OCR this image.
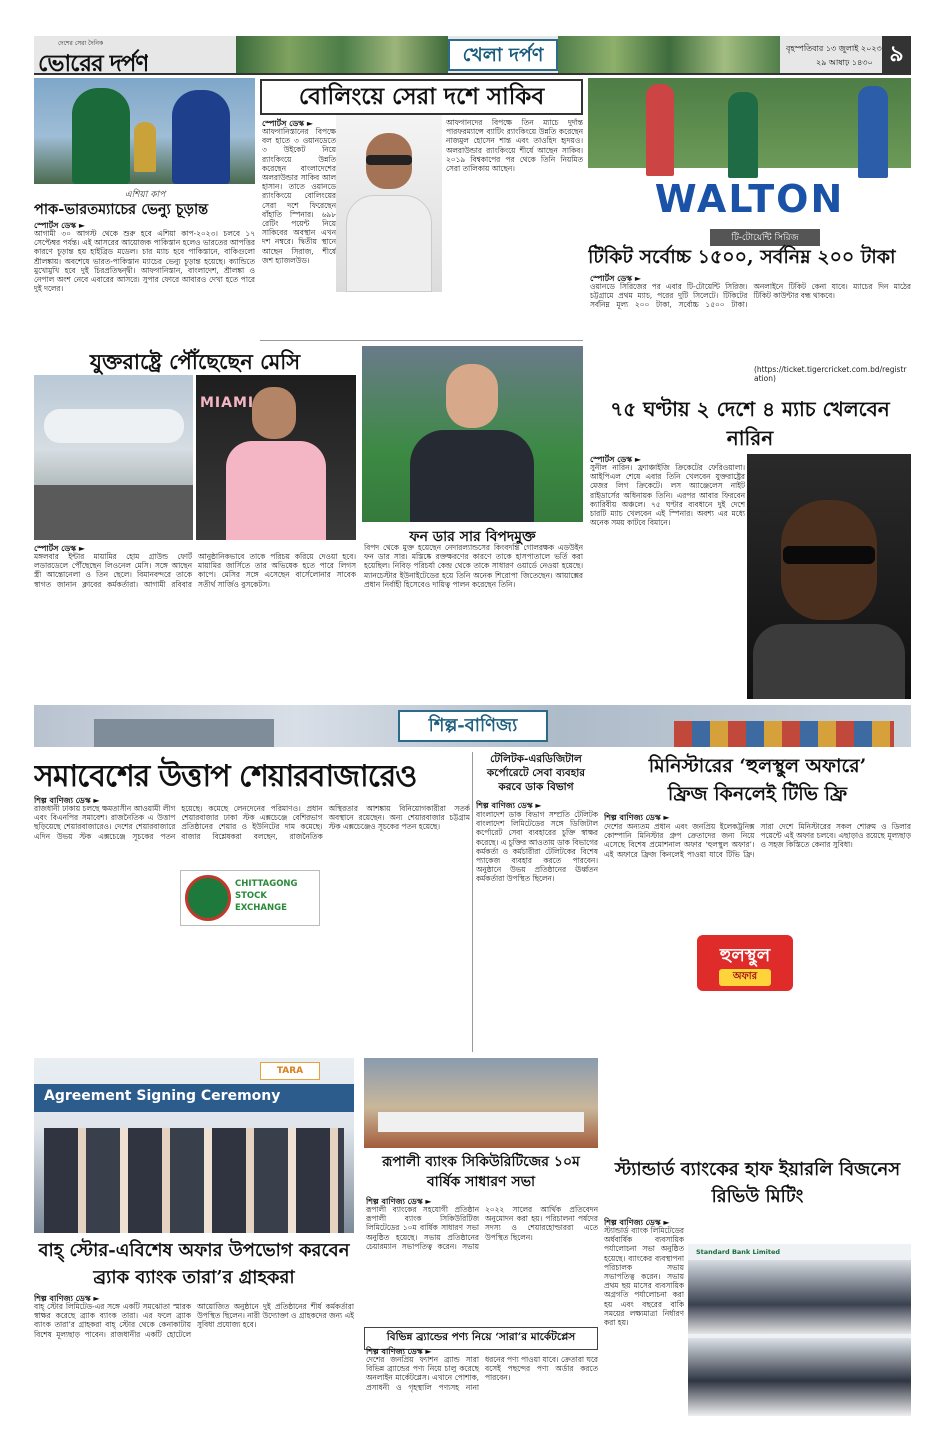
দেশের সেরা দৈনিক
ভোরের দর্পণ	খেলা দর্পণ	বৃহস্পতিবার ১৩ জুলাই ২০২৩
২৯ আষাঢ় ১৪৩০ ৯
এশিয়া কাপ
পাক-ভারতম্যাচের ভেন্যু চূড়ান্ত
স্পোর্টস ডেস্ক ►
আগামী ৩০ আগস্ট থেকে শুরু হবে এশিয়া কাপ-২০২৩। চলবে ১৭ সেপ্টেম্বর পর্যন্ত। এই আসরের আয়োজক পাকিস্তান হলেও ভারতের আপত্তির কারণে চূড়ান্ত হয় হাইব্রিড মডেল। চার ম্যাচ হবে পাকিস্তানে, বাকিগুলো শ্রীলঙ্কায়। অবশেষে ভারত-পাকিস্তান ম্যাচের ভেন্যু চূড়ান্ত হয়েছে। ক্যান্ডিতে মুখোমুখি হবে দুই চিরপ্রতিদ্বন্দ্বী। আফগানিস্তান, বাংলাদেশ, শ্রীলঙ্কা ও নেপাল অংশ নেবে এবারের আসরে। সুপার ফোরে আবারও দেখা হতে পারে দুই দলের।
বোলিংয়ে সেরা দশে সাকিব
স্পোর্টস ডেস্ক ►
আফগানিস্তানের বিপক্ষে বল হাতে ৩ ওয়ানডেতে ৩ উইকেট নিয়ে র‍্যাংকিংয়ে উন্নতি করেছেন বাংলাদেশের অলরাউন্ডার সাকিব আল হাসান। তাতে ওয়ানডে র‍্যাংকিংয়ে বোলিংয়ের সেরা দশে ফিরেছেন বাঁহাতি স্পিনার। ৬৯৮ রেটিং পয়েন্ট নিয়ে সাকিবের অবস্থান এখন দশ নম্বরে। দ্বিতীয় স্থানে আছেন সিরাজ, শীর্ষে জশ হ্যাজলউড।
আফগানদের বিপক্ষে তিন ম্যাচে দুর্দান্ত পারফরম্যান্সে ব্যাটিং র‍্যাংকিংয়ে উন্নতি করেছেন নাজমুল হোসেন শান্ত এবং তাওহিদ হৃদয়ও। অলরাউন্ডার র‍্যাংকিংয়ে শীর্ষে আছেন সাকিব। ২০১৯ বিশ্বকাপের পর থেকে তিনি নিয়মিত সেরা তালিকায় আছেন।
WALTON
টি-টোয়েন্টি সিরিজ
টিকিট সর্বোচ্চ ১৫০০, সর্বনিম্ন ২০০ টাকা
স্পোর্টস ডেস্ক ►
ওয়ানডে সিরিজের পর এবার টি-টোয়েন্টি সিরিজ। চট্টগ্রামে প্রথম ম্যাচ, পরের দুটি সিলেটে। টিকিটের সর্বনিম্ন মূল্য ২০০ টাকা, সর্বোচ্চ ১৫০০ টাকা। অনলাইনে টিকিট কেনা যাবে। ম্যাচের দিন মাঠের টিকিট কাউন্টার বন্ধ থাকবে।
(https://ticket.tigercricket.com.bd/registration)
৭৫ ঘণ্টায় ২ দেশে ৪ ম্যাচ খেলবেন নারিন
স্পোর্টস ডেস্ক ►
সুনীল নারিন। ফ্র্যাঞ্চাইজি ক্রিকেটের ফেরিওয়ালা। আইপিএল শেষে এবার তিনি খেলবেন যুক্তরাষ্ট্রের মেজর লিগ ক্রিকেটে। লস অ্যাঞ্জেলেস নাইট রাইডার্সের অধিনায়ক তিনি। এরপর আবার ফিরবেন ক্যারিবীয় অঞ্চলে। ৭৫ ঘণ্টার ব্যবধানে দুই দেশে চারটি ম্যাচ খেলবেন এই স্পিনার। অবশ্য এর মধ্যে অনেক সময় কাটবে বিমানে।
যুক্তরাষ্ট্রে পৌঁছেছেন মেসি
MIAMI
স্পোর্টস ডেস্ক ►
মঙ্গলবার ইন্টার মায়ামির হোম গ্রাউন্ড ফোর্ট লডারডেলে পৌঁছেছেন লিওনেল মেসি। সঙ্গে আছেন স্ত্রী আন্তোনেলা ও তিন ছেলে। বিমানবন্দরে তাকে স্বাগত জানান ক্লাবের কর্মকর্তারা। আগামী রবিবার আনুষ্ঠানিকভাবে তাকে পরিচয় করিয়ে দেওয়া হবে। মায়ামির জার্সিতে তার অভিষেক হতে পারে লিগস কাপে। মেসির সঙ্গে এসেছেন বার্সেলোনার সাবেক সতীর্থ সার্জিও বুসকেটস।
ফন ডার সার বিপদমুক্ত
বিপদ থেকে মুক্ত হয়েছেন নেদারল্যান্ডসের কিংবদন্তি গোলরক্ষক এডউইন ফন ডার সার। মস্তিষ্কে রক্তক্ষরণের কারণে তাকে হাসপাতালে ভর্তি করা হয়েছিল। নিবিড় পরিচর্যা কেন্দ্র থেকে তাকে সাধারণ ওয়ার্ডে নেওয়া হয়েছে। ম্যানচেস্টার ইউনাইটেডের হয়ে তিনি অনেক শিরোপা জিতেছেন। আয়াক্সের প্রধান নির্বাহী হিসেবেও দায়িত্ব পালন করেছেন তিনি।
শিল্প-বাণিজ্য
সমাবেশের উত্তাপ শেয়ারবাজারেও
শিল্প বাণিজ্য ডেস্ক ►
রাজধানী ঢাকায় চলছে ক্ষমতাসীন আওয়ামী লীগ এবং বিএনপির সমাবেশ। রাজনৈতিক এ উত্তাপ ছড়িয়েছে শেয়ারবাজারেও। দেশের শেয়ারবাজারে এদিন উভয় স্টক এক্সচেঞ্জে সূচকের পতন হয়েছে। কমেছে লেনদেনের পরিমাণও। প্রধান শেয়ারবাজার ঢাকা স্টক এক্সচেঞ্জে বেশিরভাগ প্রতিষ্ঠানের শেয়ার ও ইউনিটের দাম কমেছে। বাজার বিশ্লেষকরা বলছেন, রাজনৈতিক অস্থিরতার আশঙ্কায় বিনিয়োগকারীরা সতর্ক অবস্থানে রয়েছেন। অন্য শেয়ারবাজার চট্টগ্রাম স্টক এক্সচেঞ্জেও সূচকের পতন হয়েছে।
CHITTAGONG
STOCK
EXCHANGE
টেলিটক-এরডিজিটাল কর্পোরেটে সেবা ব্যবহার করবে ডাক বিভাগ
শিল্প বাণিজ্য ডেস্ক ►
বাংলাদেশ ডাক বিভাগ সম্প্রতি টেলিটক বাংলাদেশ লিমিটেডের সঙ্গে ডিজিটাল কর্পোরেট সেবা ব্যবহারের চুক্তি স্বাক্ষর করেছে। এ চুক্তির আওতায় ডাক বিভাগের কর্মকর্তা ও কর্মচারীরা টেলিটকের বিশেষ প্যাকেজ ব্যবহার করতে পারবেন। অনুষ্ঠানে উভয় প্রতিষ্ঠানের ঊর্ধ্বতন কর্মকর্তারা উপস্থিত ছিলেন।
মিনিস্টারের ‘হুলস্থুল অফারে’
ফ্রিজ কিনলেই টিভি ফ্রি
শিল্প বাণিজ্য ডেস্ক ►
দেশের অন্যতম প্রধান এবং জনপ্রিয় ইলেকট্রনিক্স কোম্পানি মিনিস্টার গ্রুপ ক্রেতাদের জন্য নিয়ে এসেছে বিশেষ প্রমোশনাল অফার ‘হুলস্থুল অফার’। এই অফারে ফ্রিজ কিনলেই পাওয়া যাবে টিভি ফ্রি। সারা দেশে মিনিস্টারের সকল শোরুম ও ডিলার পয়েন্টে এই অফার চলবে। এছাড়াও রয়েছে মূল্যছাড় ও সহজ কিস্তিতে কেনার সুবিধা।
হুলস্থুল
অফার
Agreement Signing Ceremony
TARA
বাহ্ স্টোর-এবিশেষ অফার উপভোগ করবেন ব্র্যাক ব্যাংক তারা’র গ্রাহকরা
শিল্প বাণিজ্য ডেস্ক ►
বাহ্ স্টোর লিমিটেড-এর সঙ্গে একটি সমঝোতা স্মারক স্বাক্ষর করেছে ব্র্যাক ব্যাংক তারা। এর ফলে ব্র্যাক ব্যাংক তারা’র গ্রাহকরা বাহ্ স্টোর থেকে কেনাকাটায় বিশেষ মূল্যছাড় পাবেন। রাজধানীর একটি হোটেলে আয়োজিত অনুষ্ঠানে দুই প্রতিষ্ঠানের শীর্ষ কর্মকর্তারা উপস্থিত ছিলেন। নারী উদ্যোক্তা ও গ্রাহকদের জন্য এই সুবিধা প্রযোজ্য হবে।
রূপালী ব্যাংক সিকিউরিটিজের ১০ম বার্ষিক সাধারণ সভা
শিল্প বাণিজ্য ডেস্ক ►
রূপালী ব্যাংকের সহযোগী প্রতিষ্ঠান রূপালী ব্যাংক সিকিউরিটিজ লিমিটেডের ১০ম বার্ষিক সাধারণ সভা অনুষ্ঠিত হয়েছে। সভায় প্রতিষ্ঠানের চেয়ারম্যান সভাপতিত্ব করেন। সভায় ২০২২ সালের আর্থিক প্রতিবেদন অনুমোদন করা হয়। পরিচালনা পর্ষদের সদস্য ও শেয়ারহোল্ডাররা এতে উপস্থিত ছিলেন।
বিভিন্ন ব্র্যান্ডের পণ্য নিয়ে ‘সারা’র মার্কেটপ্লেস
শিল্প বাণিজ্য ডেস্ক ►
দেশের জনপ্রিয় ফ্যাশন ব্র্যান্ড সারা বিভিন্ন ব্র্যান্ডের পণ্য নিয়ে চালু করেছে অনলাইন মার্কেটপ্লেস। এখানে পোশাক, প্রসাধনী ও গৃহস্থালি পণ্যসহ নানা ধরনের পণ্য পাওয়া যাবে। ক্রেতারা ঘরে বসেই পছন্দের পণ্য অর্ডার করতে পারবেন।
স্ট্যান্ডার্ড ব্যাংকের হাফ ইয়ারলি বিজনেস রিভিউ মিটিং
শিল্প বাণিজ্য ডেস্ক ►
স্ট্যান্ডার্ড ব্যাংক লিমিটেডের অর্ধবার্ষিক ব্যবসায়িক পর্যালোচনা সভা অনুষ্ঠিত হয়েছে। ব্যাংকের ব্যবস্থাপনা পরিচালক সভায় সভাপতিত্ব করেন। সভায় প্রথম ছয় মাসের ব্যবসায়িক অগ্রগতি পর্যালোচনা করা হয় এবং বছরের বাকি সময়ের লক্ষ্যমাত্রা নির্ধারণ করা হয়।
Standard Bank Limited
